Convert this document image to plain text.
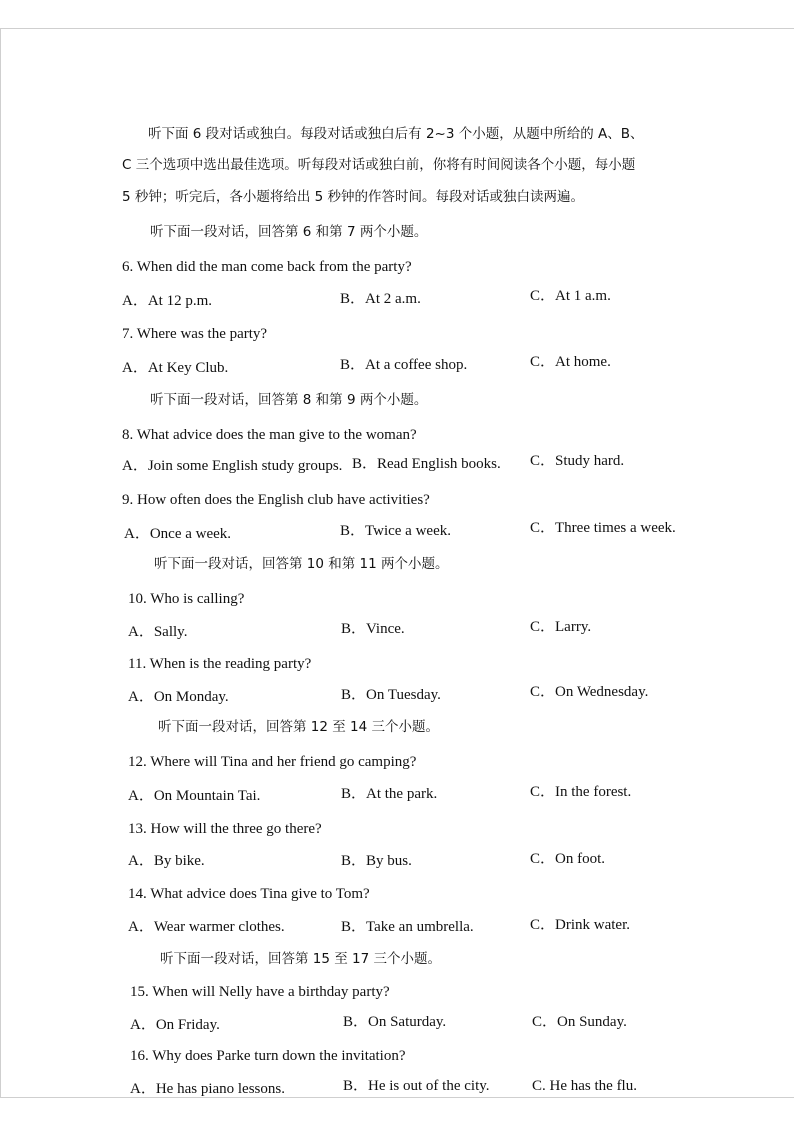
听下面 6 段对话或独白。每段对话或独白后有 2~3 个小题，从题中所给的 A、B、
C 三个选项中选出最佳选项。听每段对话或独白前，你将有时间阅读各个小题，每小题
5 秒钟；听完后，各小题将给出 5 秒钟的作答时间。每段对话或独白读两遍。
听下面一段对话，回答第 6 和第 7 两个小题。
6. When did the man come back from the party?
A．At 12 p.m.	B．At 2 a.m.	C．At 1 a.m.
7. Where was the party?
A．At Key Club.	B．At a coffee shop.	C．At home.
听下面一段对话，回答第 8 和第 9 两个小题。
8. What advice does the man give to the woman?
A．Join some English study groups. B．Read English books. C．Study hard.
9. How often does the English club have activities?
A．Once a week.	B．Twice a week.	C．Three times a week.
听下面一段对话，回答第 10 和第 11 两个小题。
10. Who is calling?
A．Sally.	B．Vince.	C．Larry.
11. When is the reading party?
A．On Monday.	B．On Tuesday.	C．On Wednesday.
听下面一段对话，回答第 12 至 14 三个小题。
12. Where will Tina and her friend go camping?
A．On Mountain Tai.	B．At the park.	C．In the forest.
13. How will the three go there?
A．By bike.	B．By bus.	C．On foot.
14. What advice does Tina give to Tom?
A．Wear warmer clothes.	B．Take an umbrella.	C．Drink water.
听下面一段对话，回答第 15 至 17 三个小题。
15. When will Nelly have a birthday party?
A．On Friday.	B．On Saturday.	C．On Sunday.
16. Why does Parke turn down the invitation?
A．He has piano lessons.	B．He is out of the city.	C. He has the flu.
